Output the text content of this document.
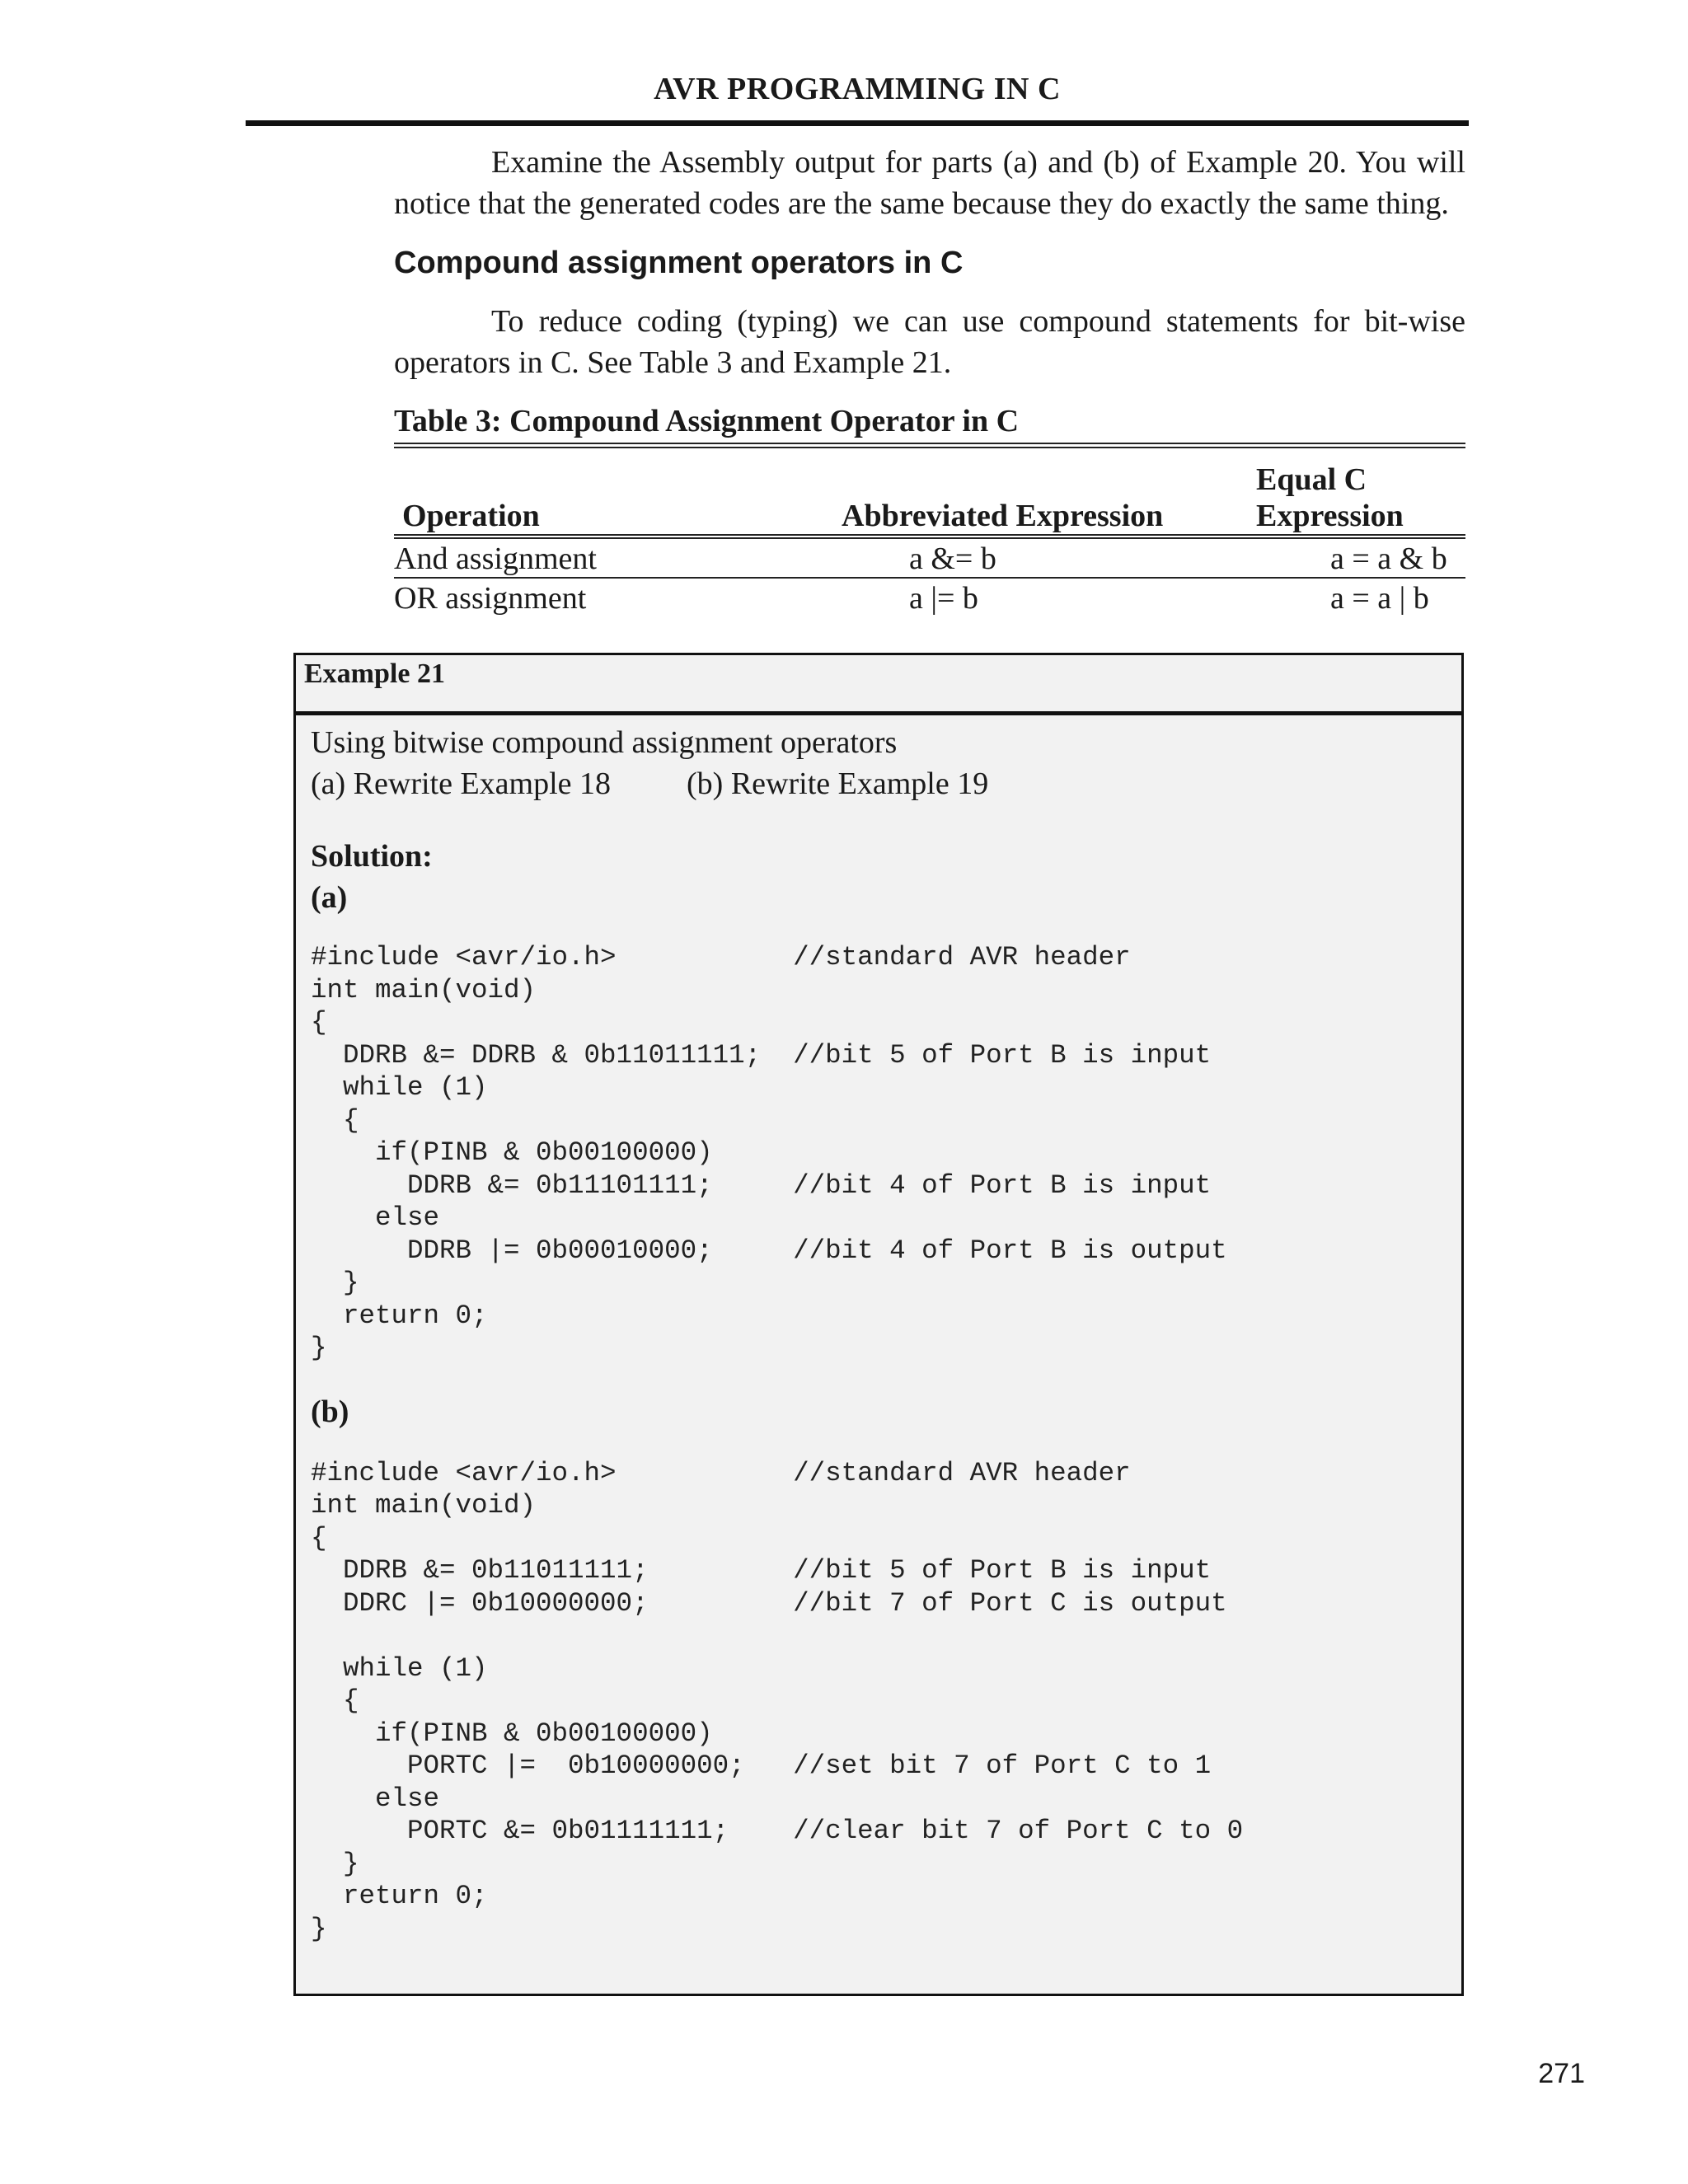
AVR PROGRAMMING IN C

Examine the Assembly output for parts (a) and (b) of Example 20. You will notice that the generated codes are the same because they do exactly the same thing.

Compound assignment operators in C

To reduce coding (typing) we can use compound statements for bit-wise operators in C. See Table 3 and Example 21.

Table 3: Compound Assignment Operator in C
Operation	Abbreviated Expression	Equal C Expression
And assignment	a &= b	a = a & b
OR assignment	a |= b	a = a | b
Example 21

Using bitwise compound assignment operators

(a) Rewrite Example 18 (b) Rewrite Example 19

Solution:
(a)
#include <avr/io.h>           //standard AVR header
int main(void)
{
DDRB &= DDRB & 0b11011111;  //bit 5 of Port B is input
while (1)
{
if(PINB & 0b00100000)
DDRB &= 0b11101111;     //bit 4 of Port B is input
else
DDRB |= 0b00010000;     //bit 4 of Port B is output
}
return 0;
}
(b)
#include <avr/io.h>           //standard AVR header
int main(void)
{
DDRB &= 0b11011111;         //bit 5 of Port B is input
DDRC |= 0b10000000;         //bit 7 of Port C is output

while (1)
{
if(PINB & 0b00100000)
PORTC |=  0b10000000;   //set bit 7 of Port C to 1
else
PORTC &= 0b01111111;    //clear bit 7 of Port C to 0
}
return 0;
}
271
